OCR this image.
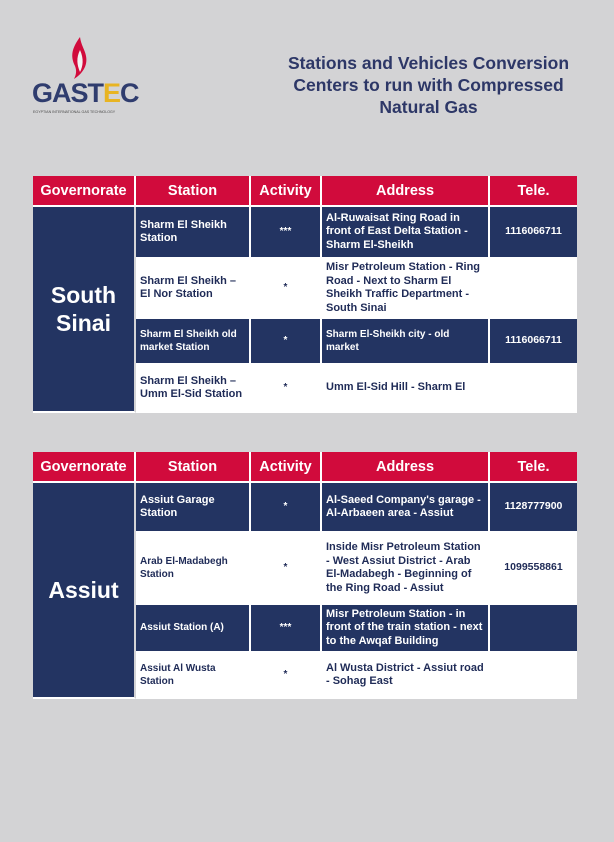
GASTEC
EGYPTIAN INTERNATIONAL GAS TECHNOLOGY
Stations and Vehicles Conversion
Centers to run with Compressed
Natural Gas
Governorate	Station	Activity	Address	Tele.

South
Sinai	Sharm El Sheikh Station	***	Al-Ruwaisat Ring Road in front of East Delta Station - Sharm El-Sheikh	1116066711
	Sharm El Sheikh – El Nor Station	*	Misr Petroleum Station - Ring Road - Next to Sharm El Sheikh Traffic Department - South Sinai	
	Sharm El Sheikh old market Station	*	Sharm El-Sheikh city - old market	1116066711
	Sharm El Sheikh – Umm El-Sid Station	*	Umm El-Sid Hill - Sharm El	
Governorate	Station	Activity	Address	Tele.

Assiut	Assiut Garage Station	*	Al-Saeed Company's garage - Al-Arbaeen area - Assiut	1128777900
	Arab El-Madabegh Station	*	Inside Misr Petroleum Station - West Assiut District - Arab El-Madabegh - Beginning of the Ring Road - Assiut	1099558861
	Assiut Station (A)	***	Misr Petroleum Station - in front of the train station - next to the Awqaf Building	
	Assiut Al Wusta Station	*	Al Wusta District - Assiut road - Sohag East	
